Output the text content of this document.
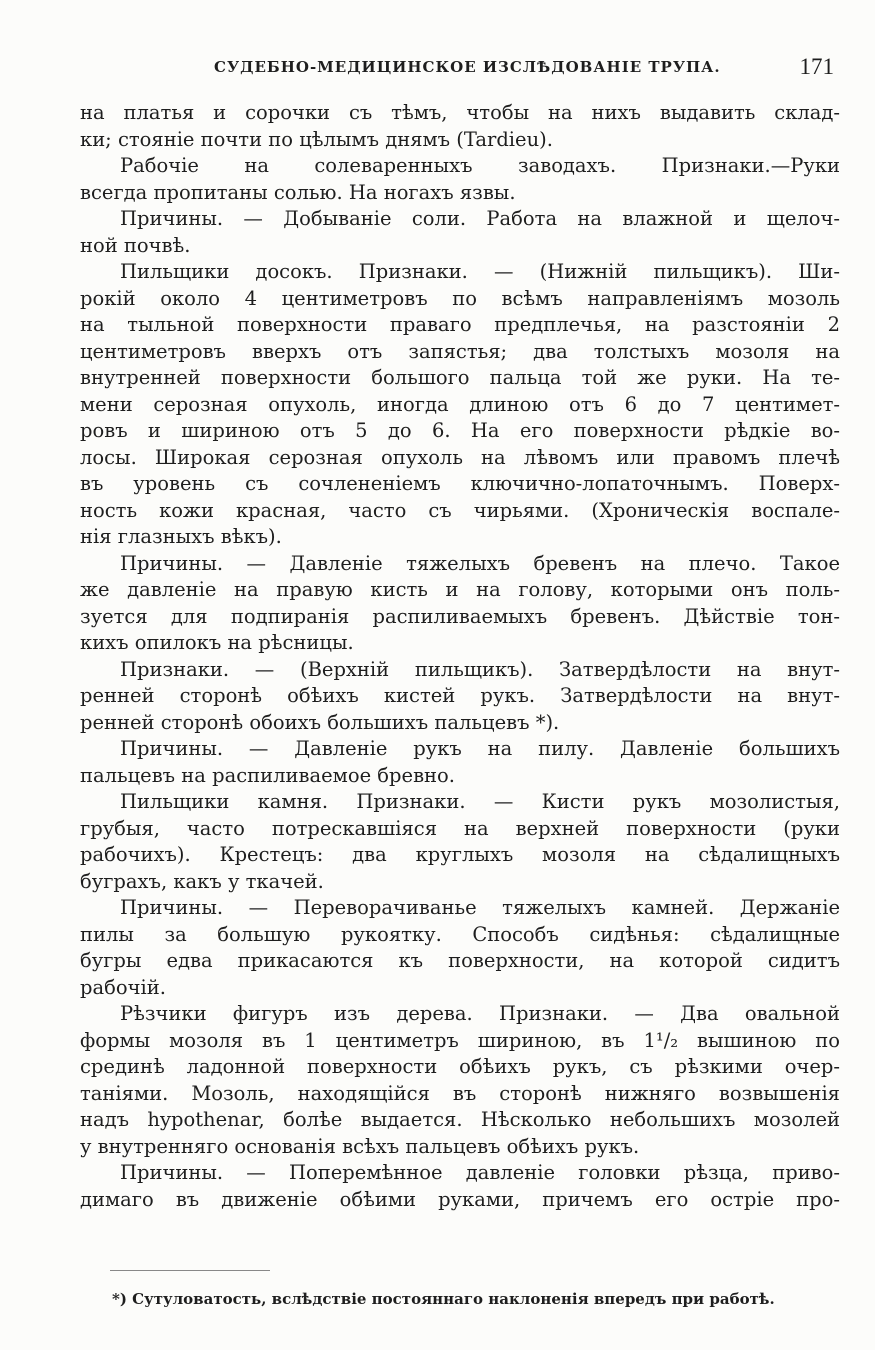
СУДЕБНО-МЕДИЦИНСКОЕ ИЗСЛѢДОВАНІЕ ТРУПА.	171
на платья и сорочки съ тѣмъ, чтобы на нихъ выдавить склад-
ки; стояніе почти по цѣлымъ днямъ (Tardieu).
Рабочіе на солеваренныхъ заводахъ. Признаки.—Руки
всегда пропитаны солью. На ногахъ язвы.
Причины. — Добываніе соли. Работа на влажной и щелоч-
ной почвѣ.
Пильщики досокъ. Признаки. — (Нижній пильщикъ). Ши-
рокій около 4 центиметровъ по всѣмъ направленіямъ мозоль
на тыльной поверхности праваго предплечья, на разстояніи 2
центиметровъ вверхъ отъ запястья; два толстыхъ мозоля на
внутренней поверхности большого пальца той же руки. На те-
мени серозная опухоль, иногда длиною отъ 6 до 7 центимет-
ровъ и шириною отъ 5 до 6. На его поверхности рѣдкіе во-
лосы. Широкая серозная опухоль на лѣвомъ или правомъ плечѣ
въ уровень съ сочлененіемъ ключично-лопаточнымъ. Поверх-
ность кожи красная, часто съ чирьями. (Хроническія воспале-
нія глазныхъ вѣкъ).
Причины. — Давленіе тяжелыхъ бревенъ на плечо. Такое
же давленіе на правую кисть и на голову, которыми онъ поль-
зуется для подпиранія распиливаемыхъ бревенъ. Дѣйствіе тон-
кихъ опилокъ на рѣсницы.
Признаки. — (Верхній пильщикъ). Затвердѣлости на внут-
ренней сторонѣ обѣихъ кистей рукъ. Затвердѣлости на внут-
ренней сторонѣ обоихъ большихъ пальцевъ *).
Причины. — Давленіе рукъ на пилу. Давленіе большихъ
пальцевъ на распиливаемое бревно.
Пильщики камня. Признаки. — Кисти рукъ мозолистыя,
грубыя, часто потрескавшіяся на верхней поверхности (руки
рабочихъ). Крестецъ: два круглыхъ мозоля на сѣдалищныхъ
буграхъ, какъ у ткачей.
Причины. — Переворачиванье тяжелыхъ камней. Держаніе
пилы за большую рукоятку. Способъ сидѣнья: сѣдалищные
бугры едва прикасаются къ поверхности, на которой сидитъ
рабочій.
Рѣзчики фигуръ изъ дерева. Признаки. — Два овальной
формы мозоля въ 1 центиметръ шириною, въ 1¹/₂ вышиною по
срединѣ ладонной поверхности обѣихъ рукъ, съ рѣзкими очер-
таніями. Мозоль, находящійся въ сторонѣ нижняго возвышенія
надъ hypothenar, болѣе выдается. Нѣсколько небольшихъ мозолей
у внутренняго основанія всѣхъ пальцевъ обѣихъ рукъ.
Причины. — Поперемѣнное давленіе головки рѣзца, приво-
димаго въ движеніе обѣими руками, причемъ его остріе про-
*) Сутуловатость, вслѣдствіе постояннаго наклоненія впередъ при работѣ.
